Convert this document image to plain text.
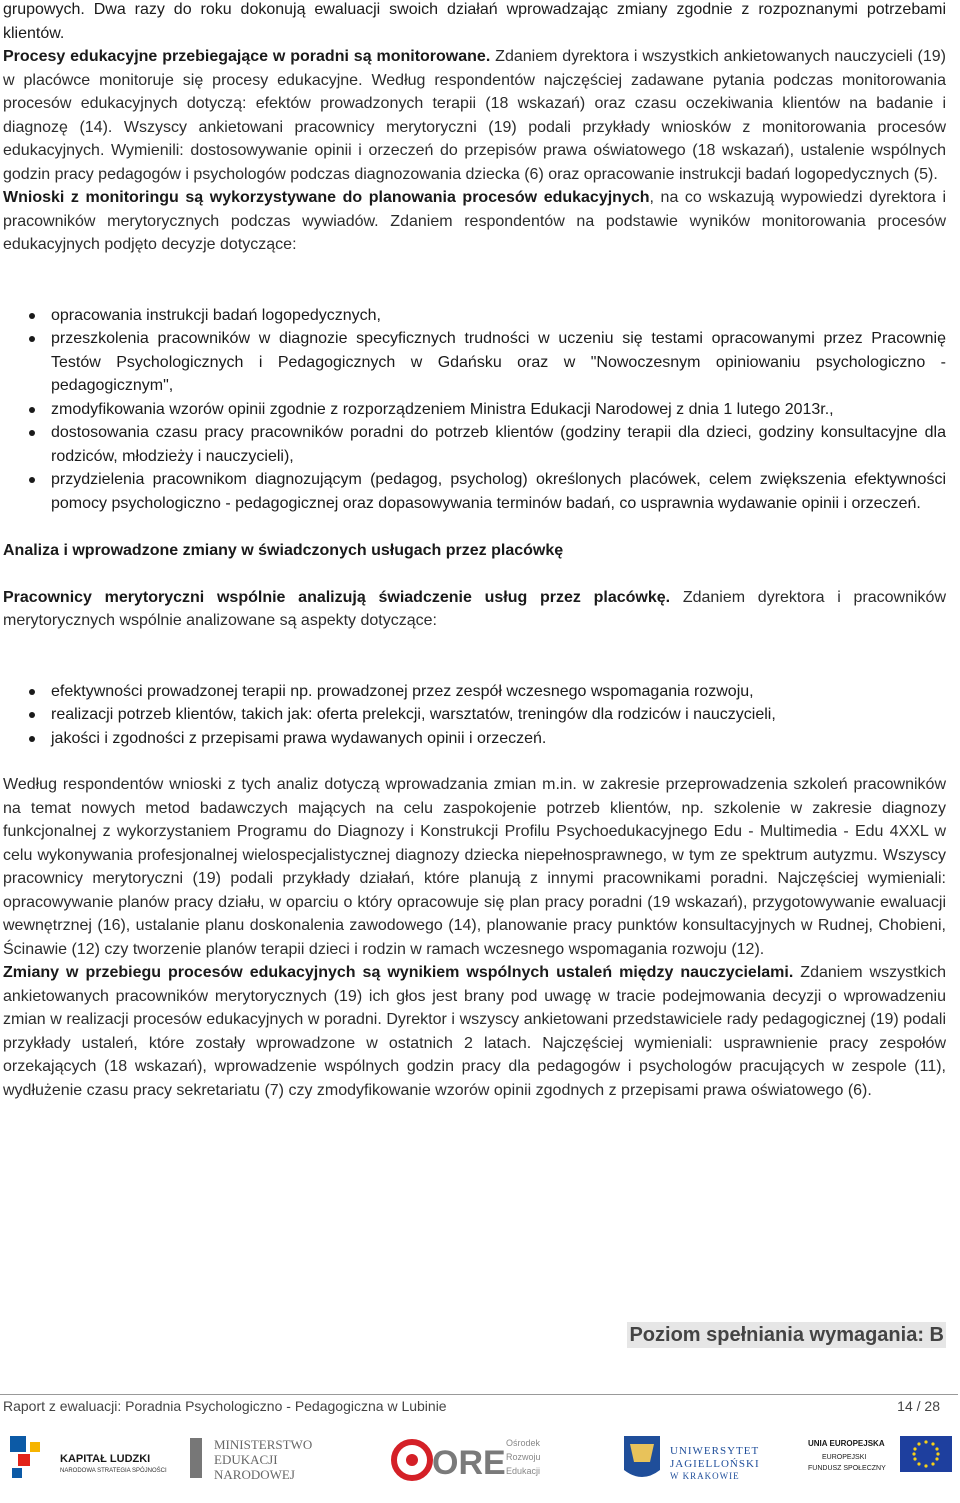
grupowych. Dwa razy do roku dokonują ewaluacji swoich działań wprowadzając zmiany zgodnie z rozpoznanymi potrzebami klientów.

Procesy edukacyjne przebiegające w poradni są monitorowane. Zdaniem dyrektora i wszystkich ankietowanych nauczycieli (19) w placówce monitoruje się procesy edukacyjne. Według respondentów najczęściej zadawane pytania podczas monitorowania procesów edukacyjnych dotyczą: efektów prowadzonych terapii (18 wskazań) oraz czasu oczekiwania klientów na badanie i diagnozę (14). Wszyscy ankietowani pracownicy merytoryczni (19) podali przykłady wniosków z monitorowania procesów edukacyjnych. Wymienili: dostosowywanie opinii i orzeczeń do przepisów prawa oświatowego (18 wskazań), ustalenie wspólnych godzin pracy pedagogów i psychologów podczas diagnozowania dziecka (6) oraz opracowanie instrukcji badań logopedycznych (5).

Wnioski z monitoringu są wykorzystywane do planowania procesów edukacyjnych, na co wskazują wypowiedzi dyrektora i pracowników merytorycznych podczas wywiadów. Zdaniem respondentów na podstawie wyników monitorowania procesów edukacyjnych podjęto decyzje dotyczące:

opracowania instrukcji badań logopedycznych,
przeszkolenia pracowników w diagnozie specyficznych trudności w uczeniu się testami opracowanymi przez Pracownię Testów Psychologicznych i Pedagogicznych w Gdańsku oraz w "Nowoczesnym opiniowaniu psychologiczno - pedagogicznym",
zmodyfikowania wzorów opinii zgodnie z rozporządzeniem Ministra Edukacji Narodowej z dnia 1 lutego 2013r.,
dostosowania czasu pracy pracowników poradni do potrzeb klientów (godziny terapii dla dzieci, godziny konsultacyjne dla rodziców, młodzieży i nauczycieli),
przydzielenia pracownikom diagnozującym (pedagog, psycholog) określonych placówek, celem zwiększenia efektywności pomocy psychologiczno - pedagogicznej oraz dopasowywania terminów badań, co usprawnia wydawanie opinii i orzeczeń.

Analiza i wprowadzone zmiany w świadczonych usługach przez placówkę

Pracownicy merytoryczni wspólnie analizują świadczenie usług przez placówkę. Zdaniem dyrektora i pracowników merytorycznych wspólnie analizowane są aspekty dotyczące:

efektywności prowadzonej terapii np. prowadzonej przez zespół wczesnego wspomagania rozwoju,
realizacji potrzeb klientów, takich jak: oferta prelekcji, warsztatów, treningów dla rodziców i nauczycieli,
jakości i zgodności z przepisami prawa wydawanych opinii i orzeczeń.

Według respondentów wnioski z tych analiz dotyczą wprowadzania zmian m.in. w zakresie przeprowadzenia szkoleń pracowników na temat nowych metod badawczych mających na celu zaspokojenie potrzeb klientów, np. szkolenie w zakresie diagnozy funkcjonalnej z wykorzystaniem Programu do Diagnozy i Konstrukcji Profilu Psychoedukacyjnego Edu - Multimedia - Edu 4XXL w celu wykonywania profesjonalnej wielospecjalistycznej diagnozy dziecka niepełnosprawnego, w tym ze spektrum autyzmu. Wszyscy pracownicy merytoryczni (19) podali przykłady działań, które planują z innymi pracownikami poradni. Najczęściej wymieniali: opracowywanie planów pracy działu, w oparciu o który opracowuje się plan pracy poradni (19 wskazań), przygotowywanie ewaluacji wewnętrznej (16), ustalanie planu doskonalenia zawodowego (14), planowanie pracy punktów konsultacyjnych w Rudnej, Chobieni, Ścinawie (12) czy tworzenie planów terapii dzieci i rodzin w ramach wczesnego wspomagania rozwoju (12).

Zmiany w przebiegu procesów edukacyjnych są wynikiem wspólnych ustaleń między nauczycielami. Zdaniem wszystkich ankietowanych pracowników merytorycznych (19) ich głos jest brany pod uwagę w tracie podejmowania decyzji o wprowadzeniu zmian w realizacji procesów edukacyjnych w poradni. Dyrektor i wszyscy ankietowani przedstawiciele rady pedagogicznej (19) podali przykłady ustaleń, które zostały wprowadzone w ostatnich 2 latach. Najczęściej wymieniali: usprawnienie pracy zespołów orzekających (18 wskazań), wprowadzenie wspólnych godzin pracy dla pedagogów i psychologów pracujących w zespole (11), wydłużenie czasu pracy sekretariatu (7) czy zmodyfikowanie wzorów opinii zgodnych z przepisami prawa oświatowego (6).

Poziom spełniania wymagania: B
Raport z ewaluacji: Poradnia Psychologiczno - Pedagogiczna w Lubinie	14 / 28
KAPITAŁ LUDZKI
NARODOWA STRATEGIA SPÓJNOŚCI
MINISTERSTWO
EDUKACJI
NARODOWEJ	ORE
Ośrodek
Rozwoju
Edukacji
UNIWERSYTET
JAGIELLOŃSKI
W KRAKOWIE
UNIA EUROPEJSKA
EUROPEJSKI
FUNDUSZ SPOŁECZNY
